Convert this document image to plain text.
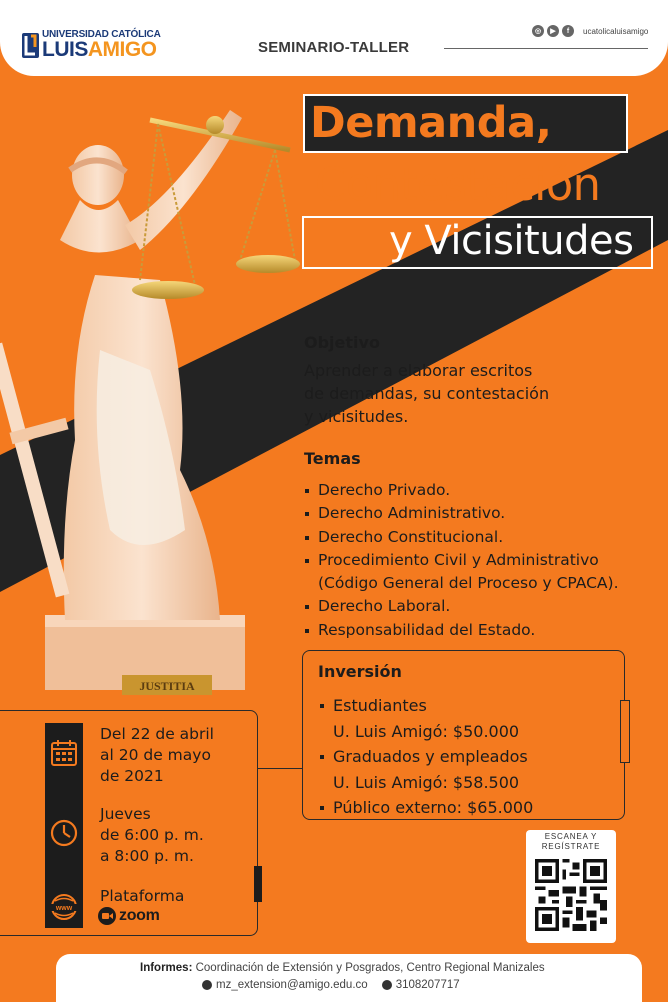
UNIVERSIDAD CATÓLICA
LUISAMIGO	SEMINARIO-TALLER
◎	▶	f	ucatolicaluisamigo
JUSTITIA
Demanda,
Contestación
y Vicisitudes
Objetivo
Aprender a elaborar escritos
de demandas, su contestación
y vicisitudes.
Temas
Derecho Privado.
Derecho Administrativo.
Derecho Constitucional.
Procedimiento Civil y Administrativo
(Código General del Proceso y CPACA).
Derecho Laboral.
Responsabilidad del Estado.
Inversión
Estudiantes
U. Luis Amigó: $50.000
Graduados y empleados
U. Luis Amigó: $58.500
Público externo: $65.000
www
Del 22 de abril
al 20 de mayo
de 2021
Jueves
de 6:00 p. m.
a 8:00 p. m.
Plataforma
zoom
ESCANEA Y
REGÍSTRATE
Informes: Coordinación de Extensión y Posgrados, Centro Regional Manizales
mz_extension@amigo.edu.co 3108207717
